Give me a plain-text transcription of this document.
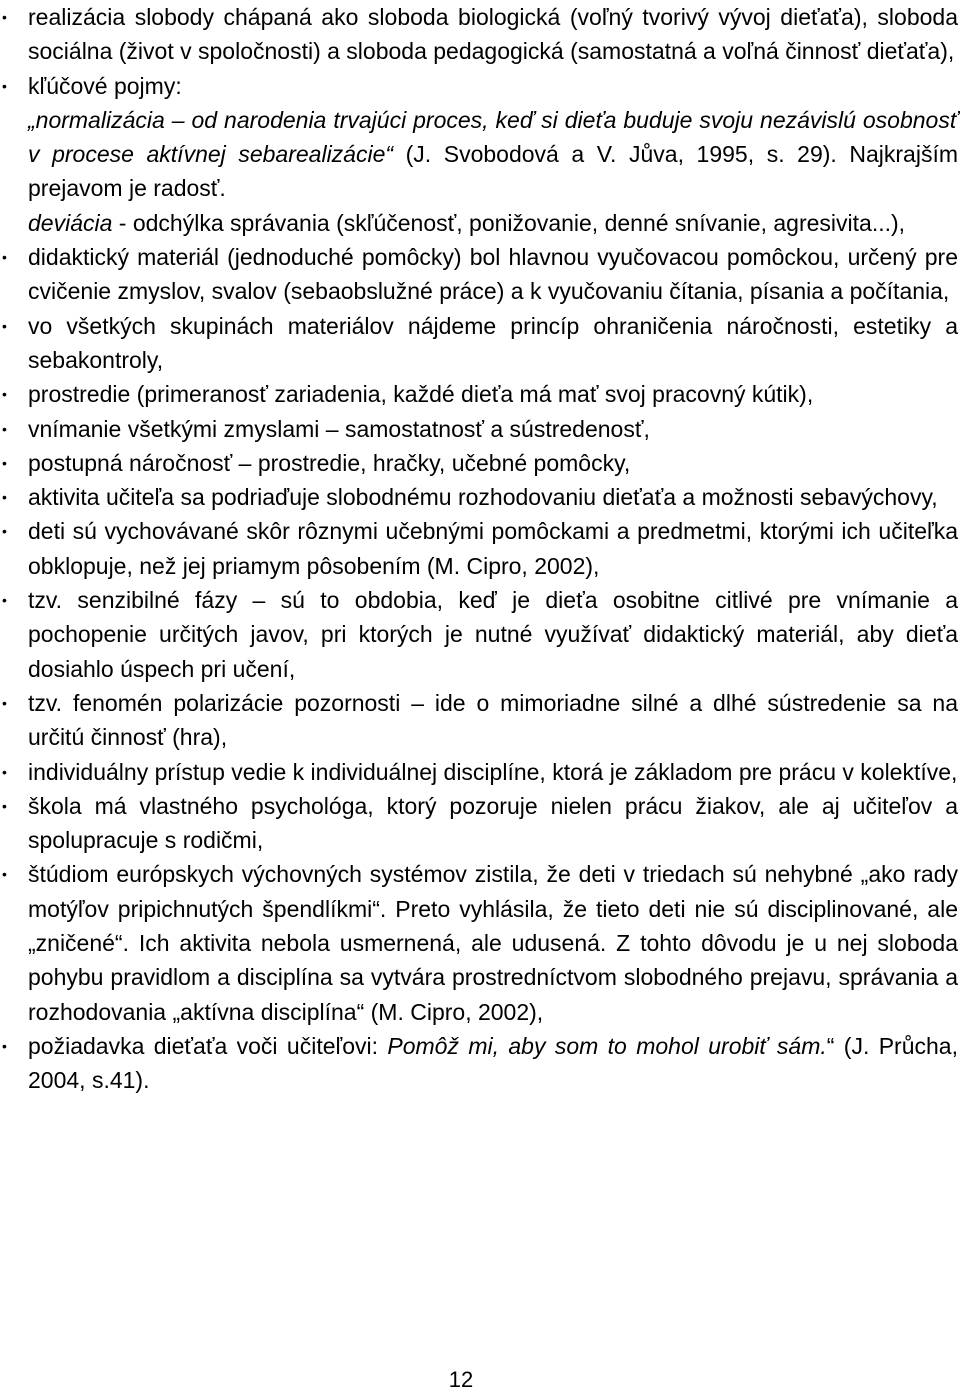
• realizácia slobody chápaná ako sloboda biologická (voľný tvorivý vývoj dieťaťa), sloboda sociálna (život v spoločnosti) a sloboda pedagogická (samostatná a voľná činnosť dieťaťa),

• kľúčové pojmy:

„normalizácia – od narodenia trvajúci proces, keď si dieťa buduje svoju nezávislú osobnosť v procese aktívnej sebarealizácie“ (J. Svobodová a V. Jůva, 1995, s. 29). Najkrajším prejavom je radosť.

deviácia - odchýlka správania (skľúčenosť, ponižovanie, denné snívanie, agresivita...),

• didaktický materiál (jednoduché pomôcky) bol hlavnou vyučovacou pomôckou, určený pre cvičenie zmyslov, svalov (sebaobslužné práce) a k vyučovaniu čítania, písania a počítania,

• vo všetkých skupinách materiálov nájdeme princíp ohraničenia náročnosti, estetiky a sebakontroly,

• prostredie (primeranosť zariadenia, každé dieťa má mať svoj pracovný kútik),

• vnímanie všetkými zmyslami – samostatnosť a sústredenosť,

• postupná náročnosť – prostredie, hračky, učebné pomôcky,

• aktivita učiteľa sa podriaďuje slobodnému rozhodovaniu dieťaťa a možnosti sebavýchovy,

• deti sú vychovávané skôr rôznymi učebnými pomôckami a predmetmi, ktorými ich učiteľka obklopuje, než jej priamym pôsobením (M. Cipro, 2002),

• tzv. senzibilné fázy – sú to obdobia, keď je dieťa osobitne citlivé pre vnímanie a pochopenie určitých javov, pri ktorých je nutné využívať didaktický materiál, aby dieťa dosiahlo úspech pri učení,

• tzv. fenomén polarizácie pozornosti – ide o mimoriadne silné a dlhé sústredenie sa na určitú činnosť (hra),

• individuálny prístup vedie k individuálnej disciplíne, ktorá je základom pre prácu v kolektíve,

• škola má vlastného psychológa, ktorý pozoruje nielen prácu žiakov, ale aj učiteľov a spolupracuje s rodičmi,

• štúdiom európskych výchovných systémov zistila, že deti v triedach sú nehybné „ako rady motýľov pripichnutých špendlíkmi“. Preto vyhlásila, že tieto deti nie sú disciplinované, ale „zničené“. Ich aktivita nebola usmernená, ale udusená. Z tohto dôvodu je u nej sloboda pohybu pravidlom a disciplína sa vytvára prostredníctvom slobodného prejavu, správania a rozhodovania „aktívna disciplína“ (M. Cipro, 2002),

• požiadavka dieťaťa voči učiteľovi: Pomôž mi, aby som to mohol urobiť sám.“ (J. Průcha, 2004, s.41).

12
